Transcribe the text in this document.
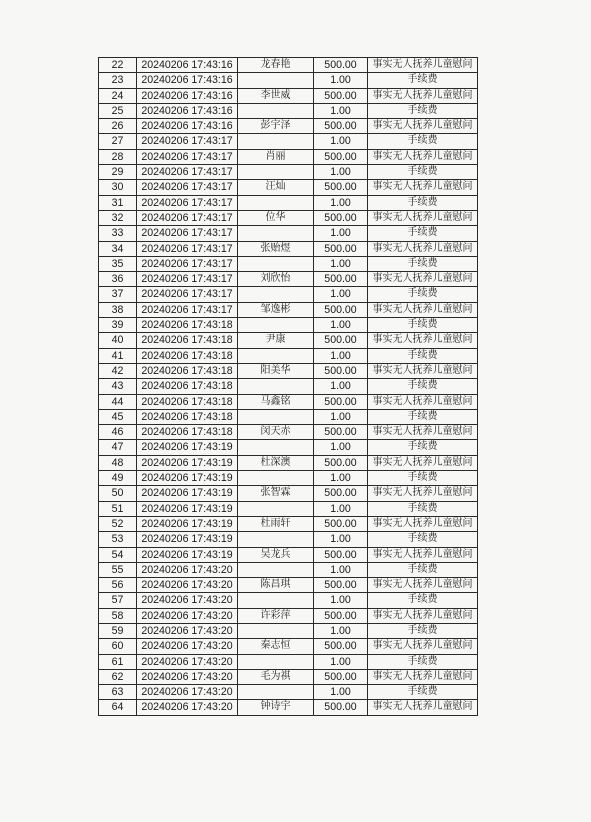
22	20240206 17:43:16	龙春艳	500.00	事实无人抚养儿童慰问
23	20240206 17:43:16		1.00	手续费
24	20240206 17:43:16	李世威	500.00	事实无人抚养儿童慰问
25	20240206 17:43:16		1.00	手续费
26	20240206 17:43:16	彭宇泽	500.00	事实无人抚养儿童慰问
27	20240206 17:43:17		1.00	手续费
28	20240206 17:43:17	肖丽	500.00	事实无人抚养儿童慰问
29	20240206 17:43:17		1.00	手续费
30	20240206 17:43:17	汪灿	500.00	事实无人抚养儿童慰问
31	20240206 17:43:17		1.00	手续费
32	20240206 17:43:17	位华	500.00	事实无人抚养儿童慰问
33	20240206 17:43:17		1.00	手续费
34	20240206 17:43:17	张贻煜	500.00	事实无人抚养儿童慰问
35	20240206 17:43:17		1.00	手续费
36	20240206 17:43:17	刘欣怡	500.00	事实无人抚养儿童慰问
37	20240206 17:43:17		1.00	手续费
38	20240206 17:43:17	邹逸彬	500.00	事实无人抚养儿童慰问
39	20240206 17:43:18		1.00	手续费
40	20240206 17:43:18	尹康	500.00	事实无人抚养儿童慰问
41	20240206 17:43:18		1.00	手续费
42	20240206 17:43:18	阳美华	500.00	事实无人抚养儿童慰问
43	20240206 17:43:18		1.00	手续费
44	20240206 17:43:18	马鑫铭	500.00	事实无人抚养儿童慰问
45	20240206 17:43:18		1.00	手续费
46	20240206 17:43:18	闵天赤	500.00	事实无人抚养儿童慰问
47	20240206 17:43:19		1.00	手续费
48	20240206 17:43:19	杜深澳	500.00	事实无人抚养儿童慰问
49	20240206 17:43:19		1.00	手续费
50	20240206 17:43:19	张智霖	500.00	事实无人抚养儿童慰问
51	20240206 17:43:19		1.00	手续费
52	20240206 17:43:19	杜雨轩	500.00	事实无人抚养儿童慰问
53	20240206 17:43:19		1.00	手续费
54	20240206 17:43:19	吴龙兵	500.00	事实无人抚养儿童慰问
55	20240206 17:43:20		1.00	手续费
56	20240206 17:43:20	陈昌琪	500.00	事实无人抚养儿童慰问
57	20240206 17:43:20		1.00	手续费
58	20240206 17:43:20	许彩萍	500.00	事实无人抚养儿童慰问
59	20240206 17:43:20		1.00	手续费
60	20240206 17:43:20	秦志恒	500.00	事实无人抚养儿童慰问
61	20240206 17:43:20		1.00	手续费
62	20240206 17:43:20	毛为祺	500.00	事实无人抚养儿童慰问
63	20240206 17:43:20		1.00	手续费
64	20240206 17:43:20	钟诗宇	500.00	事实无人抚养儿童慰问
